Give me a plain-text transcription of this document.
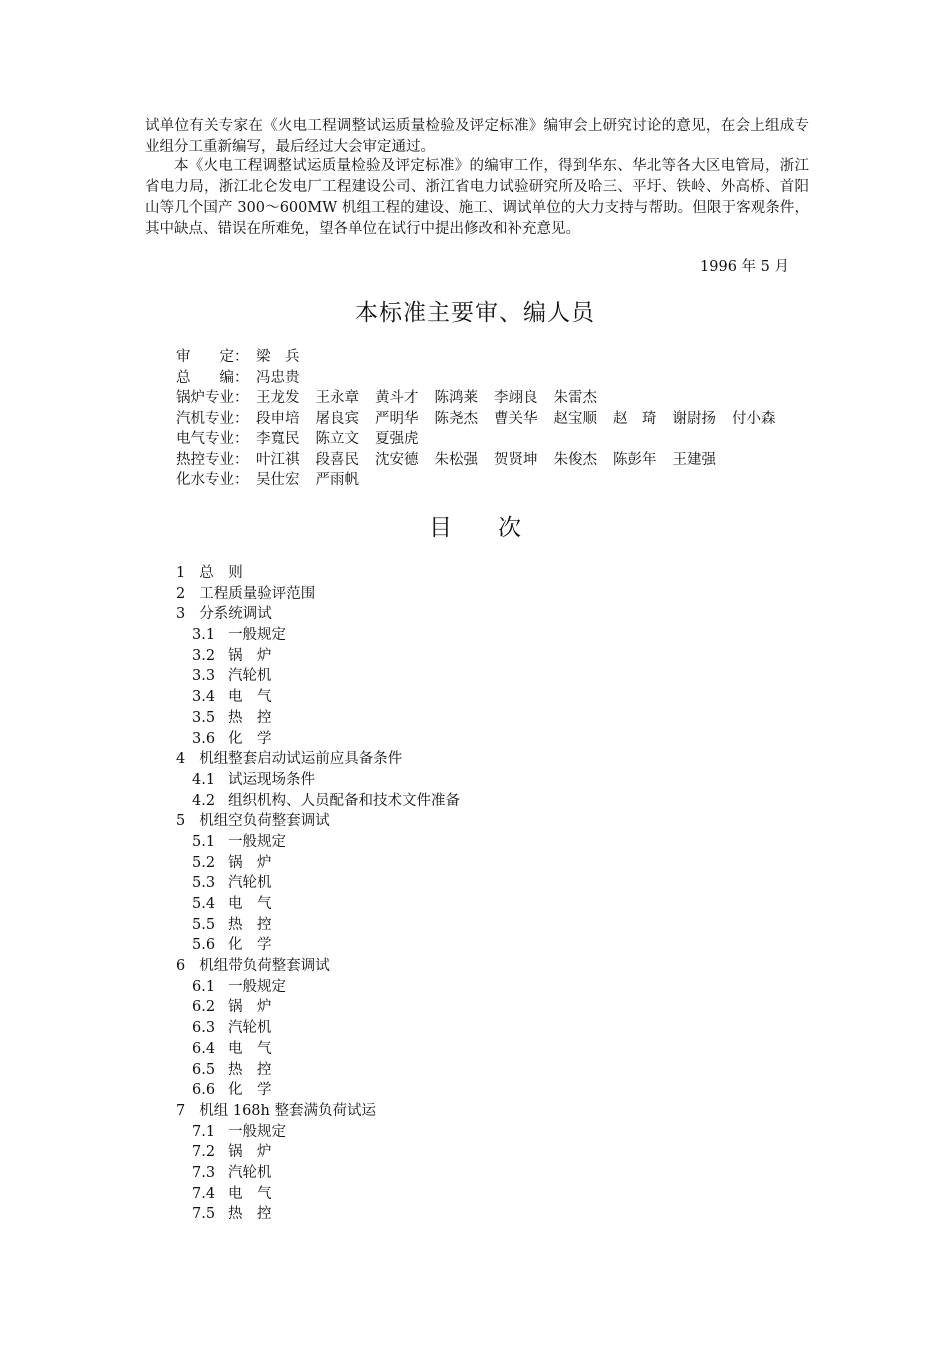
试单位有关专家在《火电工程调整试运质量检验及评定标准》编审会上研究讨论的意见，在会上组成专业组分工重新编写，最后经过大会审定通过。

本《火电工程调整试运质量检验及评定标准》的编审工作，得到华东、华北等各大区电管局，浙江省电力局，浙江北仑发电厂工程建设公司、浙江省电力试验研究所及哈三、平圩、铁岭、外高桥、首阳山等几个国产 300～600MW 机组工程的建设、施工、调试单位的大力支持与帮助。但限于客观条件，其中缺点、错误在所难免，望各单位在试行中提出修改和补充意见。

1996 年 5 月
本标准主要审、编人员
审　　定： 梁　兵
总　　编： 冯忠贵
锅炉专业： 王龙发 王永章 黄斗才 陈鸿莱 李翊良 朱雷杰
汽机专业： 段申培 屠良宾 严明华 陈尧杰 曹关华 赵宝顺 赵　琦 谢尉扬 付小森
电气专业： 李寬民 陈立文 夏强虎
热控专业： 叶江祺 段喜民 沈安德 朱松强 贺贤坤 朱俊杰 陈彭年 王建强
化水专业： 吴仕宏 严雨帆
目　　次
1 总　则
2 工程质量验评范围
3 分系统调试
3.1 一般规定
3.2 锅　炉
3.3 汽轮机
3.4 电　气
3.5 热　控
3.6 化　学
4 机组整套启动试运前应具备条件
4.1 试运现场条件
4.2 组织机构、人员配备和技术文件准备
5 机组空负荷整套调试
5.1 一般规定
5.2 锅　炉
5.3 汽轮机
5.4 电　气
5.5 热　控
5.6 化　学
6 机组带负荷整套调试
6.1 一般规定
6.2 锅　炉
6.3 汽轮机
6.4 电　气
6.5 热　控
6.6 化　学
7 机组 168h 整套满负荷试运
7.1 一般规定
7.2 锅　炉
7.3 汽轮机
7.4 电　气
7.5 热　控
